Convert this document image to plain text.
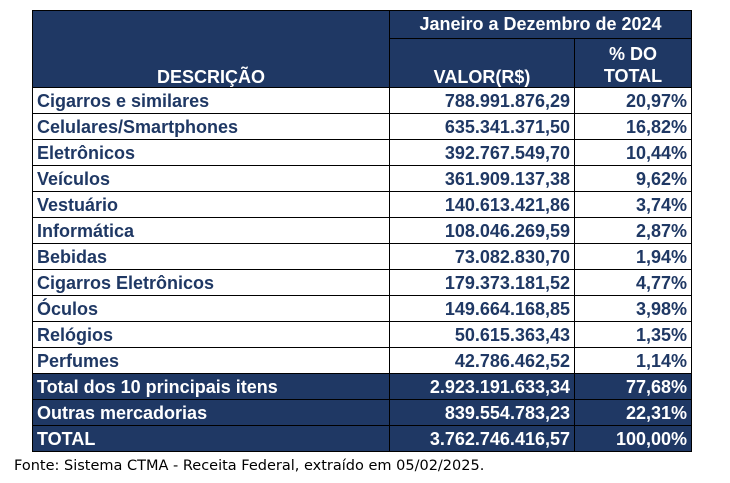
DESCRIÇÃO	Janeiro a Dezembro de 2024	
	VALOR(R$)	% DO TOTAL
Cigarros e similares	788.991.876,29	20,97%
Celulares/Smartphones	635.341.371,50	16,82%
Eletrônicos	392.767.549,70	10,44%
Veículos	361.909.137,38	9,62%
Vestuário	140.613.421,86	3,74%
Informática	108.046.269,59	2,87%
Bebidas	73.082.830,70	1,94%
Cigarros Eletrônicos	179.373.181,52	4,77%
Óculos	149.664.168,85	3,98%
Relógios	50.615.363,43	1,35%
Perfumes	42.786.462,52	1,14%
Total dos 10 principais itens	2.923.191.633,34	77,68%
Outras mercadorias	839.554.783,23	22,31%
TOTAL	3.762.746.416,57	100,00%
Fonte: Sistema CTMA - Receita Federal, extraído em 05/02/2025.
